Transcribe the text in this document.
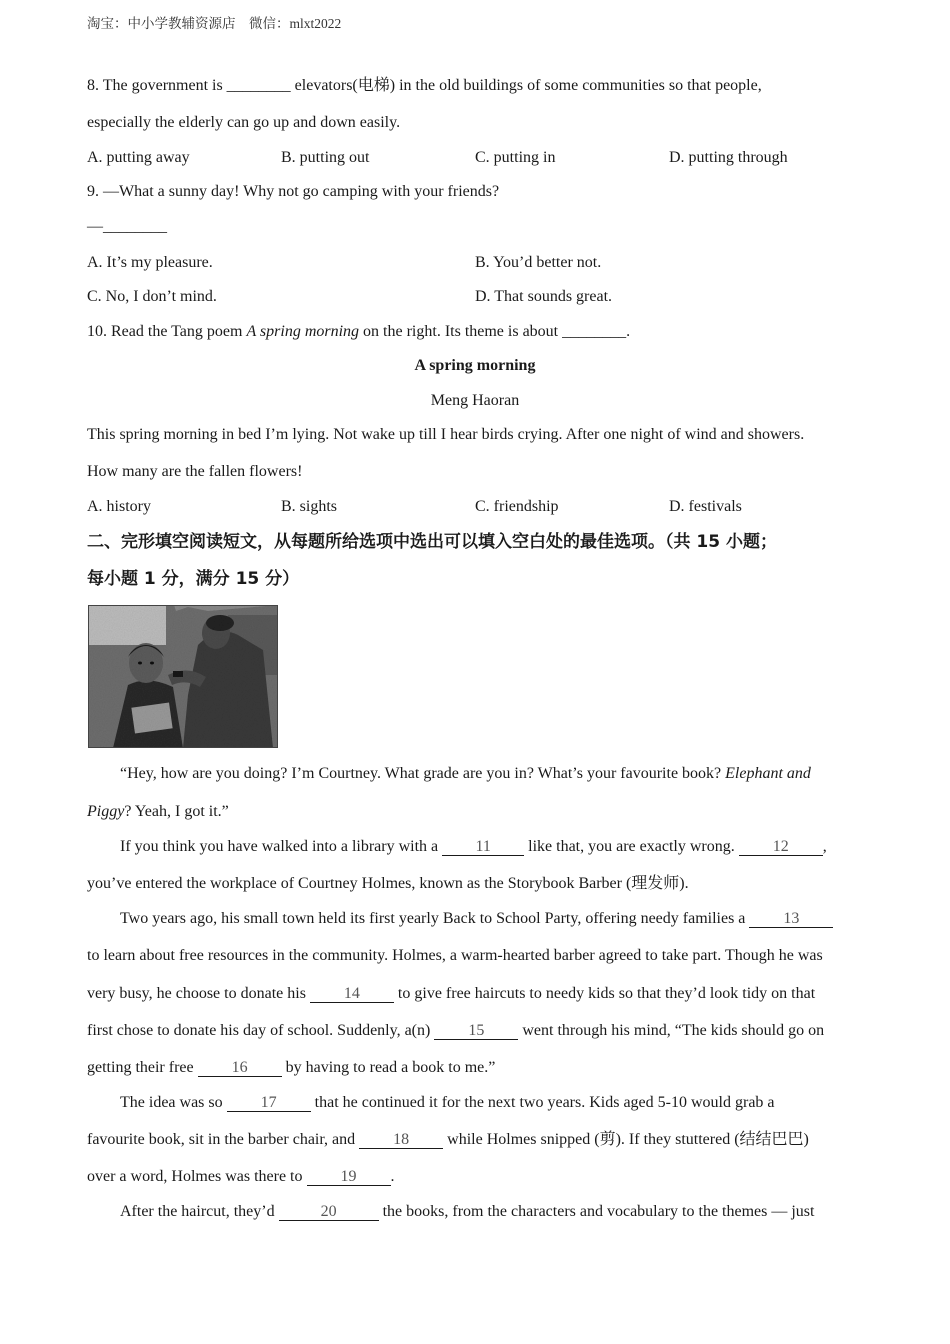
淘宝：中小学教辅资源店　微信：mlxt2022
8. The government is ________ elevators(电梯) in the old buildings of some communities so that people,
especially the elderly can go up and down easily.
A. putting away	B. putting out	C. putting in	D. putting through
9. —What a sunny day! Why not go camping with your friends?
—________
A. It’s my pleasure.	B. You’d better not.
C. No, I don’t mind.	D. That sounds great.
10. Read the Tang poem A spring morning on the right. Its theme is about ________.
A spring morning
Meng Haoran
This spring morning in bed I’m lying. Not wake up till I hear birds crying. After one night of wind and showers.
How many are the fallen flowers!
A. history	B. sights	C. friendship	D. festivals
二、完形填空阅读短文，从每题所给选项中选出可以填入空白处的最佳选项。（共 15 小题；
每小题 1 分，满分 15 分）
“Hey, how are you doing? I’m Courtney. What grade are you in? What’s your favourite book? Elephant and
Piggy? Yeah, I got it.”
If you think you have walked into a library with a 11 like that, you are exactly wrong. 12 ,
you’ve entered the workplace of Courtney Holmes, known as the Storybook Barber (理发师).
Two years ago, his small town held its first yearly Back to School Party, offering needy families a 13
to learn about free resources in the community. Holmes, a warm-hearted barber agreed to take part. Though he was
very busy, he choose to donate his 14 to give free haircuts to needy kids so that they’d look tidy on that
first chose to donate his day of school. Suddenly, a(n) 15 went through his mind, “The kids should go on
getting their free 16 by having to read a book to me.”
The idea was so 17 that he continued it for the next two years. Kids aged 5-10 would grab a
favourite book, sit in the barber chair, and 18 while Holmes snipped (剪). If they stuttered (结结巴巴)
over a word, Holmes was there to 19 .
After the haircut, they’d	20	the books, from the characters and vocabulary to the themes — just
